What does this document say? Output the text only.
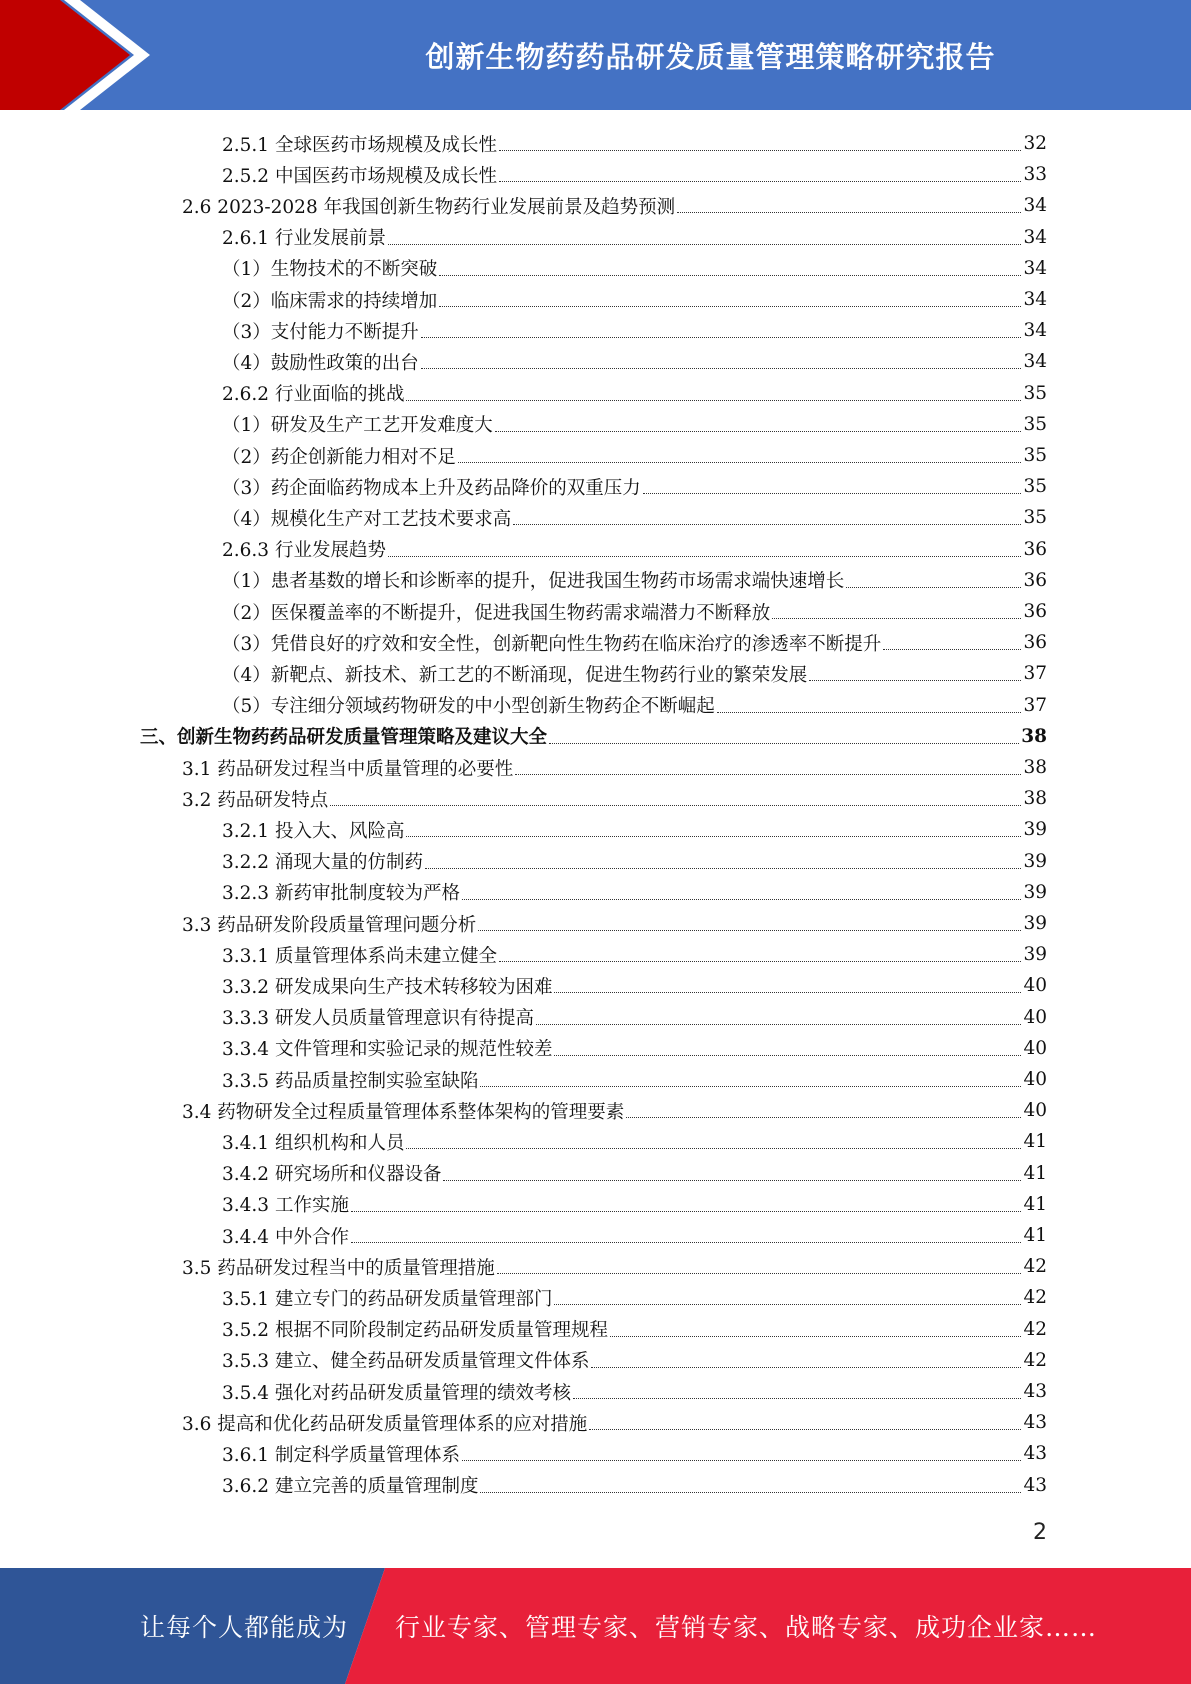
创新生物药药品研发质量管理策略研究报告
2.5.1 全球医药市场规模及成长性	32
2.5.2 中国医药市场规模及成长性	33
2.6 2023-2028 年我国创新生物药行业发展前景及趋势预测	34
2.6.1 行业发展前景	34
（1）生物技术的不断突破	34
（2）临床需求的持续增加	34
（3）支付能力不断提升	34
（4）鼓励性政策的出台	34
2.6.2 行业面临的挑战	35
（1）研发及生产工艺开发难度大	35
（2）药企创新能力相对不足	35
（3）药企面临药物成本上升及药品降价的双重压力	35
（4）规模化生产对工艺技术要求高	35
2.6.3 行业发展趋势	36
（1）患者基数的增长和诊断率的提升，促进我国生物药市场需求端快速增长	36
（2）医保覆盖率的不断提升，促进我国生物药需求端潜力不断释放	36
（3）凭借良好的疗效和安全性，创新靶向性生物药在临床治疗的渗透率不断提升	36
（4）新靶点、新技术、新工艺的不断涌现，促进生物药行业的繁荣发展	37
（5）专注细分领域药物研发的中小型创新生物药企不断崛起	37
三、创新生物药药品研发质量管理策略及建议大全	38
3.1 药品研发过程当中质量管理的必要性	38
3.2 药品研发特点	38
3.2.1 投入大、风险高	39
3.2.2 涌现大量的仿制药	39
3.2.3 新药审批制度较为严格	39
3.3 药品研发阶段质量管理问题分析	39
3.3.1 质量管理体系尚未建立健全	39
3.3.2 研发成果向生产技术转移较为困难	40
3.3.3 研发人员质量管理意识有待提高	40
3.3.4 文件管理和实验记录的规范性较差	40
3.3.5 药品质量控制实验室缺陷	40
3.4 药物研发全过程质量管理体系整体架构的管理要素	40
3.4.1 组织机构和人员	41
3.4.2 研究场所和仪器设备	41
3.4.3 工作实施	41
3.4.4 中外合作	41
3.5 药品研发过程当中的质量管理措施	42
3.5.1 建立专门的药品研发质量管理部门	42
3.5.2 根据不同阶段制定药品研发质量管理规程	42
3.5.3 建立、健全药品研发质量管理文件体系	42
3.5.4 强化对药品研发质量管理的绩效考核	43
3.6 提高和优化药品研发质量管理体系的应对措施	43
3.6.1 制定科学质量管理体系	43
3.6.2 建立完善的质量管理制度	43
2
让每个人都能成为 行业专家、管理专家、营销专家、战略专家、成功企业家……
